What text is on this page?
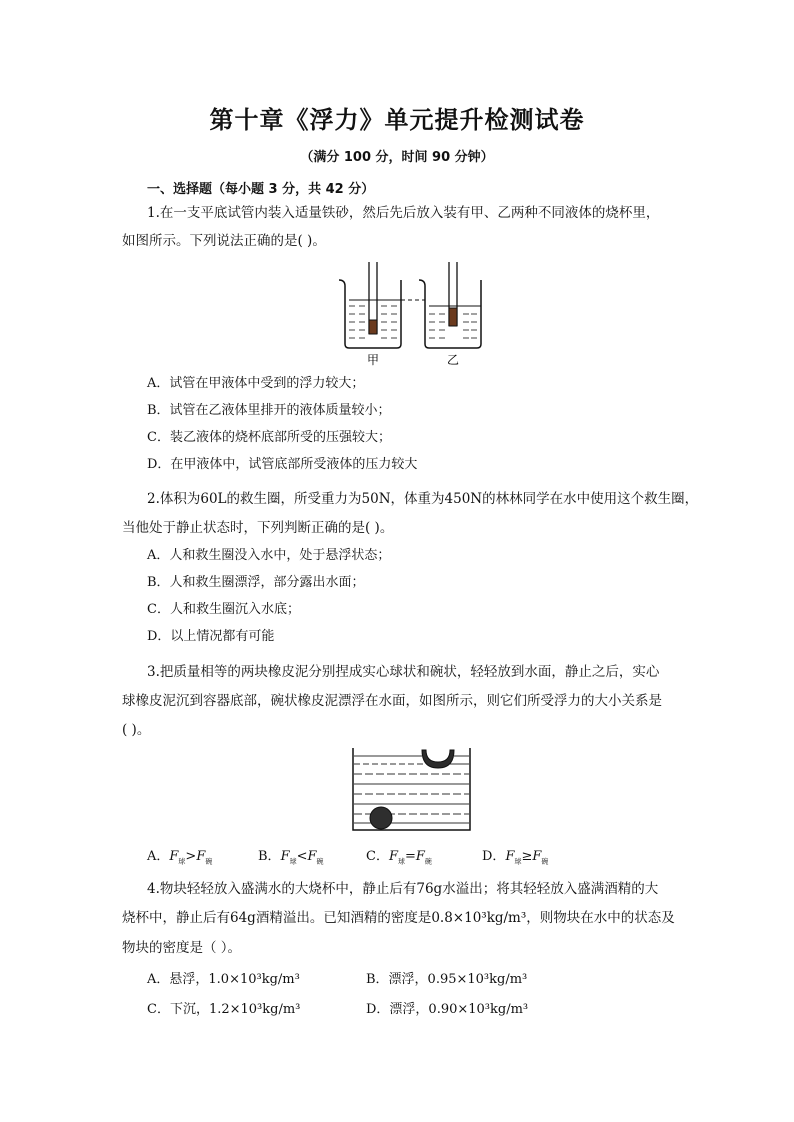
第十章《浮力》单元提升检测试卷
（满分 100 分，时间 90 分钟）
一、选择题（每小题 3 分，共 42 分）
1.在一支平底试管内装入适量铁砂，然后先后放入装有甲、乙两种不同液体的烧杯里，
如图所示。下列说法正确的是( )。
甲	乙
A．试管在甲液体中受到的浮力较大；
B．试管在乙液体里排开的液体质量较小；
C．装乙液体的烧杯底部所受的压强较大；
D．在甲液体中，试管底部所受液体的压力较大
2.体积为60L的救生圈，所受重力为50N，体重为450N的林林同学在水中使用这个救生圈，
当他处于静止状态时，下列判断正确的是( )。
A．人和救生圈没入水中，处于悬浮状态；
B．人和救生圈漂浮，部分露出水面；
C．人和救生圈沉入水底；
D．以上情况都有可能
3.把质量相等的两块橡皮泥分别捏成实心球状和碗状，轻轻放到水面，静止之后，实心
球橡皮泥沉到容器底部，碗状橡皮泥漂浮在水面，如图所示，则它们所受浮力的大小关系是
( )。
A．$F_球>F_碗$	B．$F_球<F_碗$	C．$F_球=F_碗$	D．$F_球\ge F_碗$
4.物块轻轻放入盛满水的大烧杯中，静止后有76g水溢出；将其轻轻放入盛满酒精的大
烧杯中，静止后有64g酒精溢出。已知酒精的密度是0.8×10³kg/m³，则物块在水中的状态及
物块的密度是（ ）。
A．悬浮，1.0×10³kg/m³	B．漂浮，0.95×10³kg/m³
C．下沉，1.2×10³kg/m³	D．漂浮，0.90×10³kg/m³
